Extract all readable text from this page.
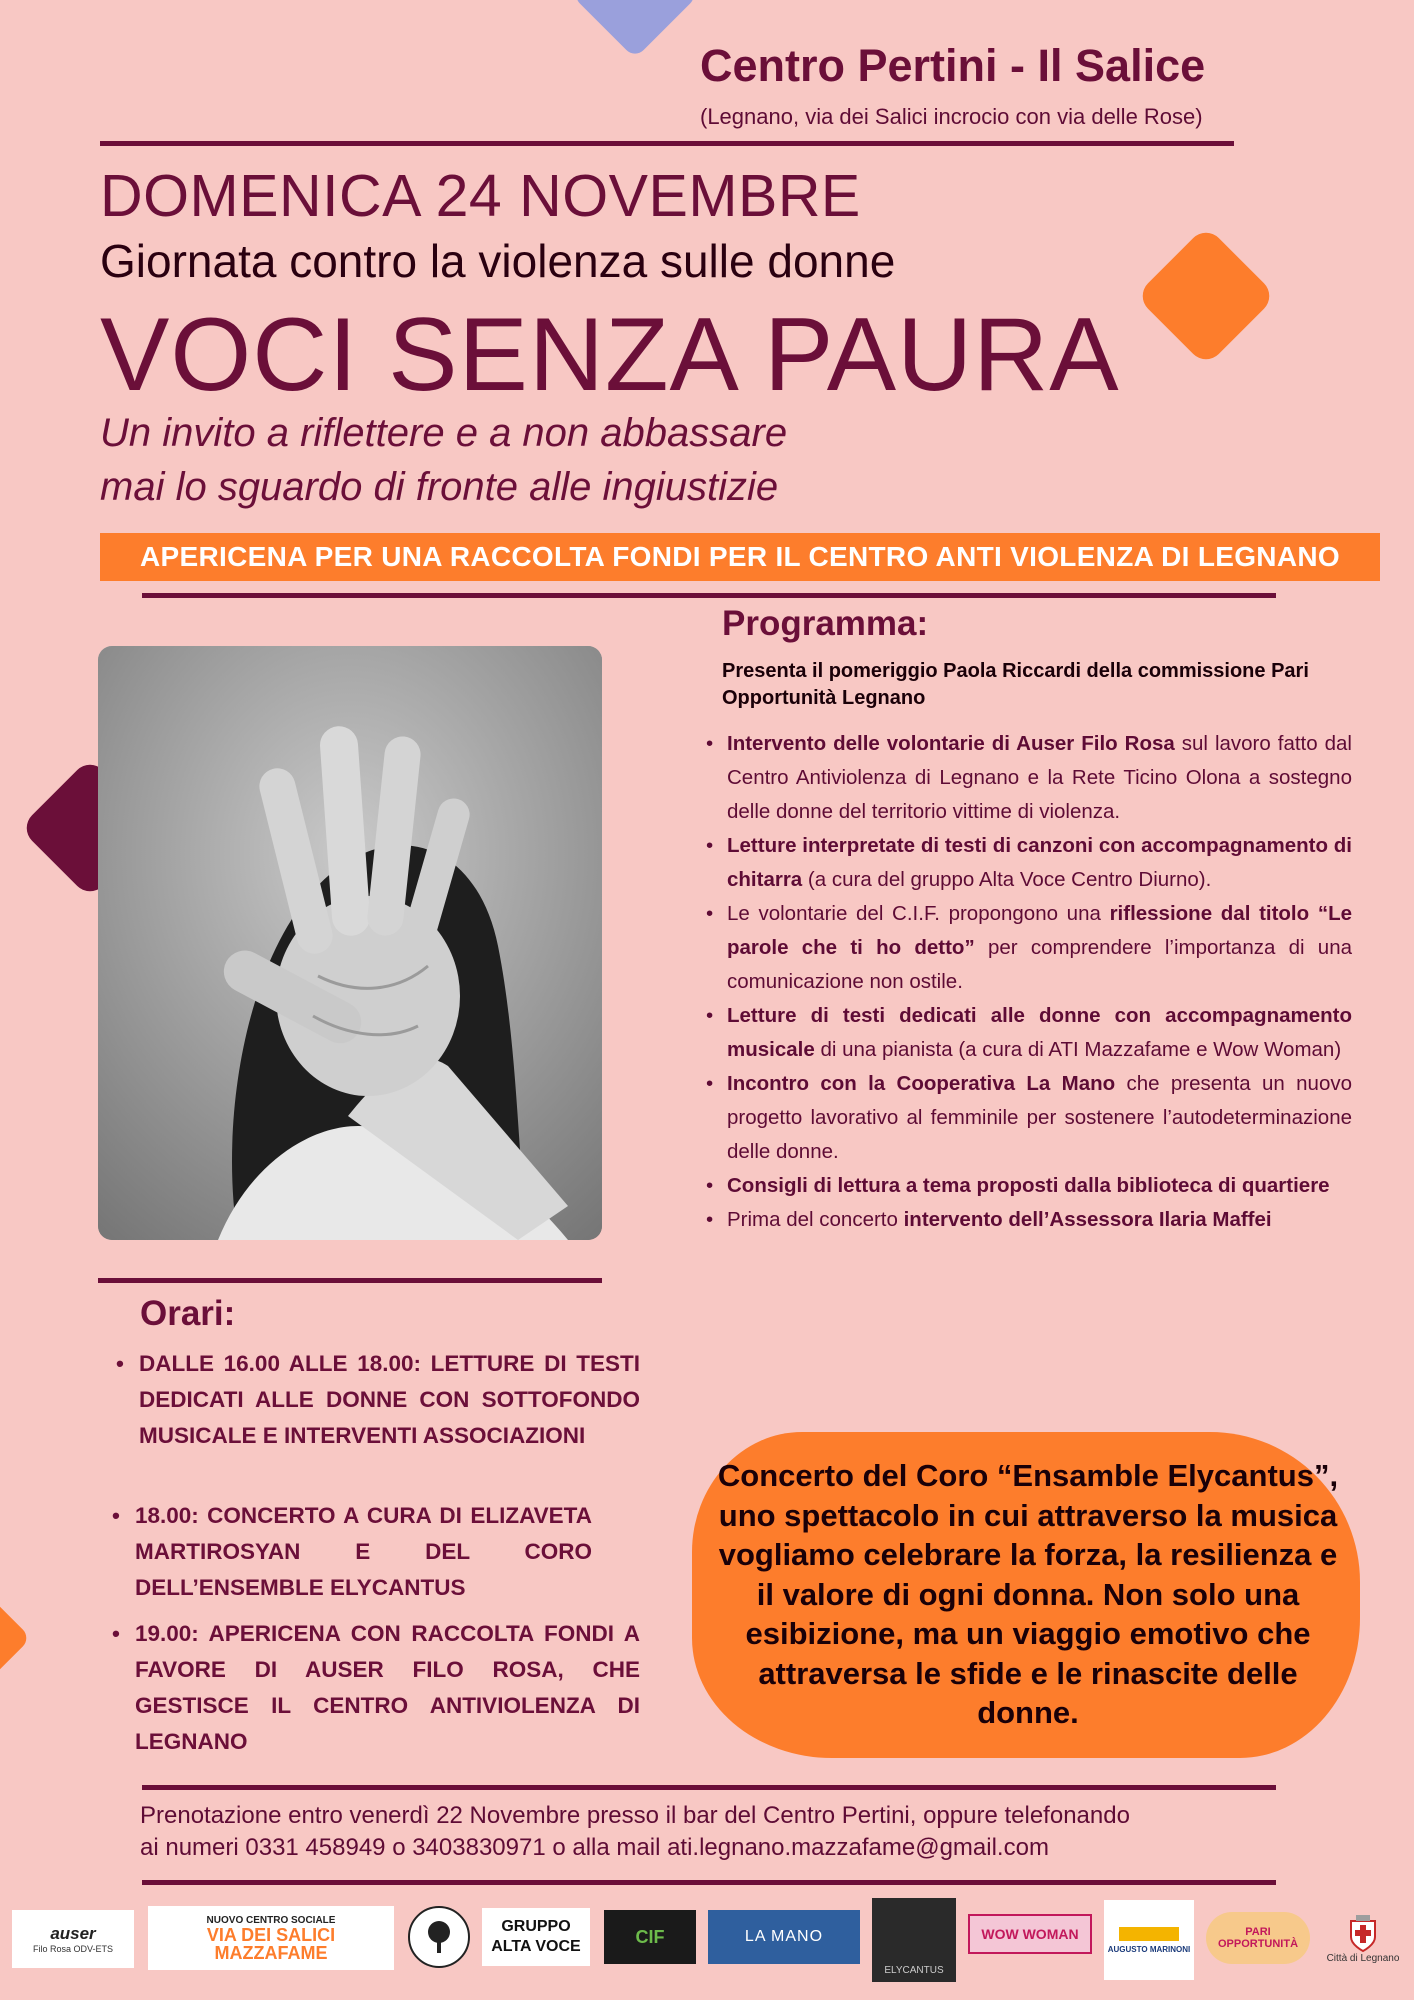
Centro Pertini - Il Salice
(Legnano, via dei Salici incrocio con via delle Rose)
DOMENICA 24 NOVEMBRE
Giornata contro la violenza sulle donne
VOCI SENZA PAURA
Un invito a riflettere e a non abbassare
mai lo sguardo di fronte alle ingiustizie
APERICENA PER UNA RACCOLTA FONDI PER IL CENTRO ANTI VIOLENZA DI LEGNANO
Programma:
Presenta il pomeriggio Paola Riccardi della commissione Pari Opportunità Legnano
• Intervento delle volontarie di Auser Filo Rosa sul lavoro fatto dal Centro Antiviolenza di Legnano e la Rete Ticino Olona a sostegno delle donne del territorio vittime di violenza.
• Letture interpretate di testi di canzoni con accompagnamento di chitarra (a cura del gruppo Alta Voce Centro Diurno).
• Le volontarie del C.I.F. propongono una riflessione dal titolo “Le parole che ti ho detto” per comprendere l’importanza di una comunicazione non ostile.
• Letture di testi dedicati alle donne con accompagnamento musicale di una pianista (a cura di ATI Mazzafame e Wow Woman)
• Incontro con la Cooperativa La Mano che presenta un nuovo progetto lavorativo al femminile per sostenere l’autodeterminazione delle donne.
• Consigli di lettura a tema proposti dalla biblioteca di quartiere
• Prima del concerto intervento dell’Assessora Ilaria Maffei
Orari:
• DALLE 16.00 ALLE 18.00: LETTURE DI TESTI DEDICATI ALLE DONNE CON SOTTOFONDO MUSICALE E INTERVENTI ASSOCIAZIONI
• 18.00: CONCERTO A CURA DI ELIZAVETA MARTIROSYAN E DEL CORO DELL’ENSEMBLE ELYCANTUS
• 19.00: APERICENA CON RACCOLTA FONDI A FAVORE DI AUSER FILO ROSA, CHE GESTISCE IL CENTRO ANTIVIOLENZA DI LEGNANO
Concerto del Coro “Ensamble Elycantus”, uno spettacolo in cui attraverso la musica vogliamo celebrare la forza, la resilienza e il valore di ogni donna. Non solo una esibizione, ma un viaggio emotivo che attraversa le sfide e le rinascite delle donne.
Prenotazione entro venerdì 22 Novembre presso il bar del Centro Pertini, oppure telefonando
ai numeri 0331 458949 o 3403830971 o alla mail ati.legnano.mazzafame@gmail.com
auser
Filo Rosa ODV-ETS
NUOVO CENTRO SOCIALE
VIA DEI SALICI
MAZZAFAME
GRUPPO
ALTA VOCE	CIF	LA MANO
ELYCANTUS
WOW WOMAN
AUGUSTO MARINONI
PARI OPPORTUNITÀ
Città di Legnano
